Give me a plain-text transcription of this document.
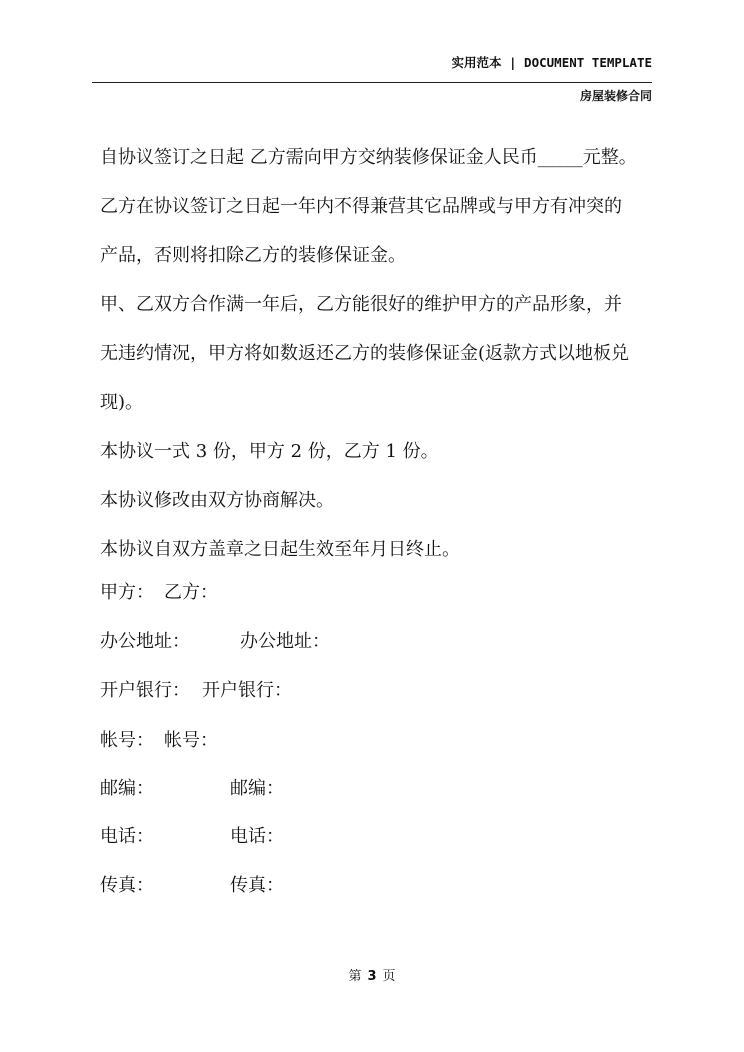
实用范本 | DOCUMENT TEMPLATE
房屋装修合同

自协议签订之日起 乙方需向甲方交纳装修保证金人民币_____元整。

乙方在协议签订之日起一年内不得兼营其它品牌或与甲方有冲突的

产品，否则将扣除乙方的装修保证金。

甲、乙双方合作满一年后，乙方能很好的维护甲方的产品形象，并

无违约情况，甲方将如数返还乙方的装修保证金(返款方式以地板兑

现)。

本协议一式 3 份，甲方 2 份，乙方 1 份。

本协议修改由双方协商解决。

本协议自双方盖章之日起生效至年月日终止。

甲方： 乙方：
办公地址：	办公地址：
开户银行： 开户银行：
帐号： 帐号：
邮编：	邮编：
电话：	电话：
传真：	传真：
第 3 页
